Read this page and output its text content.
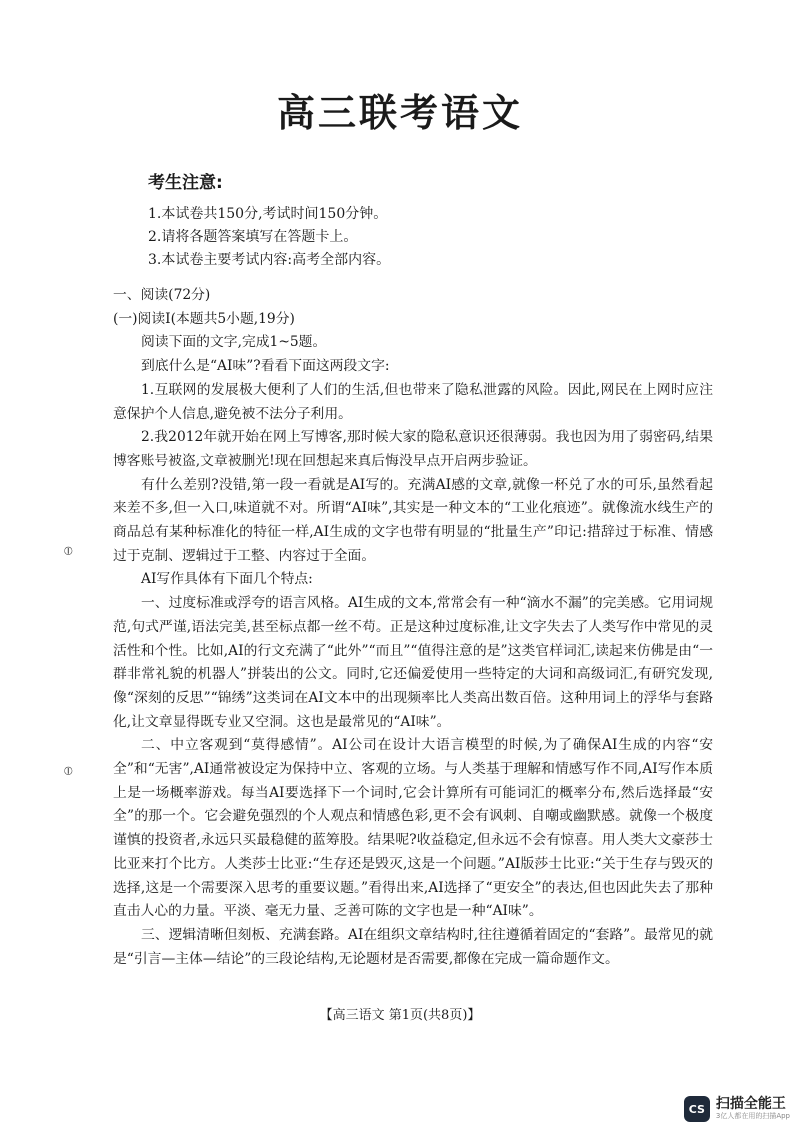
高三联考语文

考生注意:

1.本试卷共150分,考试时间150分钟。

2.请将各题答案填写在答题卡上。

3.本试卷主要考试内容:高考全部内容。

一、阅读(72分)

(一)阅读Ⅰ(本题共5小题,19分)

阅读下面的文字,完成1~5题。

到底什么是“AI味”?看看下面这两段文字:

1.互联网的发展极大便利了人们的生活,但也带来了隐私泄露的风险。因此,网民在上网时应注意保护个人信息,避免被不法分子利用。

2.我2012年就开始在网上写博客,那时候大家的隐私意识还很薄弱。我也因为用了弱密码,结果博客账号被盗,文章被删光!现在回想起来真后悔没早点开启两步验证。

有什么差别?没错,第一段一看就是AI写的。充满AI感的文章,就像一杯兑了水的可乐,虽然看起来差不多,但一入口,味道就不对。所谓“AI味”,其实是一种文本的“工业化痕迹”。就像流水线生产的商品总有某种标准化的特征一样,AI生成的文字也带有明显的“批量生产”印记:措辞过于标准、情感过于克制、逻辑过于工整、内容过于全面。

AI写作具体有下面几个特点:

一、过度标准或浮夸的语言风格。AI生成的文本,常常会有一种“滴水不漏”的完美感。它用词规范,句式严谨,语法完美,甚至标点都一丝不苟。正是这种过度标准,让文字失去了人类写作中常见的灵活性和个性。比如,AI的行文充满了“此外”“而且”“值得注意的是”这类官样词汇,读起来仿佛是由“一群非常礼貌的机器人”拼装出的公文。同时,它还偏爱使用一些特定的大词和高级词汇,有研究发现,像“深刻的反思”“锦绣”这类词在AI文本中的出现频率比人类高出数百倍。这种用词上的浮华与套路化,让文章显得既专业又空洞。这也是最常见的“AI味”。

二、中立客观到“莫得感情”。AI公司在设计大语言模型的时候,为了确保AI生成的内容“安全”和“无害”,AI通常被设定为保持中立、客观的立场。与人类基于理解和情感写作不同,AI写作本质上是一场概率游戏。每当AI要选择下一个词时,它会计算所有可能词汇的概率分布,然后选择最“安全”的那一个。它会避免强烈的个人观点和情感色彩,更不会有讽刺、自嘲或幽默感。就像一个极度谨慎的投资者,永远只买最稳健的蓝筹股。结果呢?收益稳定,但永远不会有惊喜。用人类大文豪莎士比亚来打个比方。人类莎士比亚:“生存还是毁灭,这是一个问题。”AI版莎士比亚:“关于生存与毁灭的选择,这是一个需要深入思考的重要议题。”看得出来,AI选择了“更安全”的表达,但也因此失去了那种直击人心的力量。平淡、毫无力量、乏善可陈的文字也是一种“AI味”。

三、逻辑清晰但刻板、充满套路。AI在组织文章结构时,往往遵循着固定的“套路”。最常见的就是“引言—主体—结论”的三段论结构,无论题材是否需要,都像在完成一篇命题作文。

⦶
⦶
【高三语文 第1页(共8页)】
CS 扫描全能王
3亿人都在用的扫描App
